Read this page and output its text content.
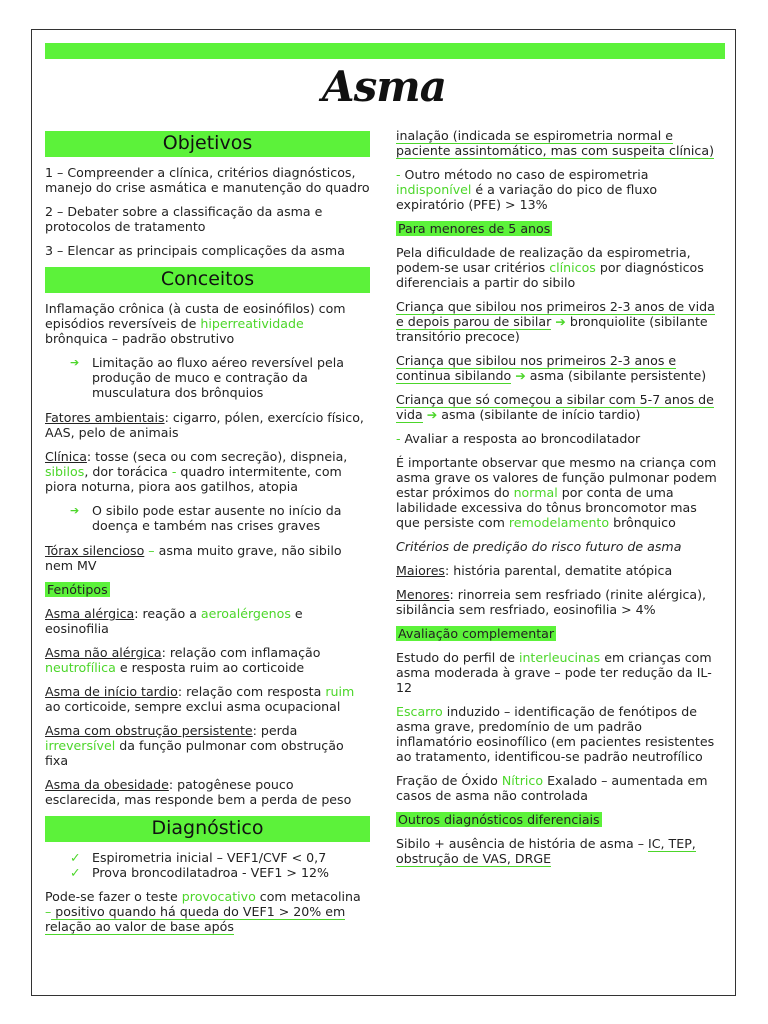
Asma
Objetivos

1 – Compreender a clínica, critérios diagnósticos, manejo do crise asmática e manutenção do quadro

2 – Debater sobre a classificação da asma e protocolos de tratamento

3 – Elencar as principais complicações da asma

Conceitos

Inflamação crônica (à custa de eosinófilos) com episódios reversíveis de hiperreatividade brônquica – padrão obstrutivo

➔ Limitação ao fluxo aéreo reversível pela produção de muco e contração da musculatura dos brônquios

Fatores ambientais: cigarro, pólen, exercício físico, AAS, pelo de animais

Clínica: tosse (seca ou com secreção), dispneia, sibilos, dor torácica - quadro intermitente, com piora noturna, piora aos gatilhos, atopia

➔ O sibilo pode estar ausente no início da doença e também nas crises graves

Tórax silencioso – asma muito grave, não sibilo nem MV

Fenótipos

Asma alérgica: reação a aeroalérgenos e eosinofilia

Asma não alérgica: relação com inflamação neutrofílica e resposta ruim ao corticoide

Asma de início tardio: relação com resposta ruim ao corticoide, sempre exclui asma ocupacional

Asma com obstrução persistente: perda irreversível da função pulmonar com obstrução fixa

Asma da obesidade: patogênese pouco esclarecida, mas responde bem a perda de peso

Diagnóstico
✓ Espirometria inicial – VEF1/CVF < 0,7
✓ Prova broncodilatadroa - VEF1 > 12%

Pode-se fazer o teste provocativo com metacolina – positivo quando há queda do VEF1 > 20% em relação ao valor de base após

inalação (indicada se espirometria normal e paciente assintomático, mas com suspeita clínica)

- Outro método no caso de espirometria indisponível é a variação do pico de fluxo expiratório (PFE) > 13%

Para menores de 5 anos

Pela dificuldade de realização da espirometria, podem-se usar critérios clínicos por diagnósticos diferenciais a partir do sibilo

Criança que sibilou nos primeiros 2-3 anos de vida e depois parou de sibilar ➔ bronquiolite (sibilante transitório precoce)

Criança que sibilou nos primeiros 2-3 anos e continua sibilando ➔ asma (sibilante persistente)

Criança que só começou a sibilar com 5-7 anos de vida ➔ asma (sibilante de início tardio)

- Avaliar a resposta ao broncodilatador

É importante observar que mesmo na criança com asma grave os valores de função pulmonar podem estar próximos do normal por conta de uma labilidade excessiva do tônus broncomotor mas que persiste com remodelamento brônquico

Critérios de predição do risco futuro de asma

Maiores: história parental, dematite atópica

Menores: rinorreia sem resfriado (rinite alérgica), sibilância sem resfriado, eosinofilia > 4%

Avaliação complementar

Estudo do perfil de interleucinas em crianças com asma moderada à grave – pode ter redução da IL-12

Escarro induzido – identificação de fenótipos de asma grave, predomínio de um padrão inflamatório eosinofílico (em pacientes resistentes ao tratamento, identificou-se padrão neutrofílico

Fração de Óxido Nítrico Exalado – aumentada em casos de asma não controlada

Outros diagnósticos diferenciais

Sibilo + ausência de história de asma – IC, TEP, obstrução de VAS, DRGE
